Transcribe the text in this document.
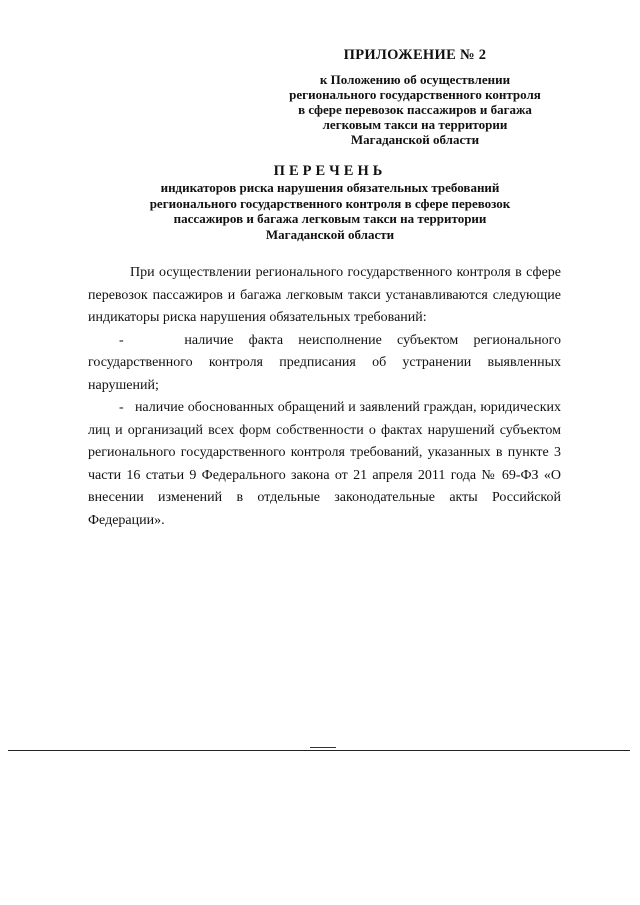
ПРИЛОЖЕНИЕ № 2
к Положению об осуществлении
регионального государственного контроля
в сфере перевозок пассажиров и багажа
легковым такси на территории
Магаданской области
ПЕРЕЧЕНЬ
индикаторов риска нарушения обязательных требований
регионального государственного контроля в сфере перевозок
пассажиров и багажа легковым такси на территории
Магаданской области

При осуществлении регионального государственного контроля в сфере перевозок пассажиров и багажа легковым такси устанавливаются следующие индикаторы риска нарушения обязательных требований:

-    наличие факта неисполнение субъектом регионального государственного контроля предписания об устранении выявленных нарушений;

-   наличие обоснованных обращений и заявлений граждан, юридических лиц и организаций всех форм собственности о фактах нарушений субъектом регионального государственного контроля требований, указанных в пункте 3 части 16 статьи 9 Федерального закона от 21 апреля 2011 года № 69-ФЗ «О внесении изменений в отдельные законодательные акты Российской Федерации».
